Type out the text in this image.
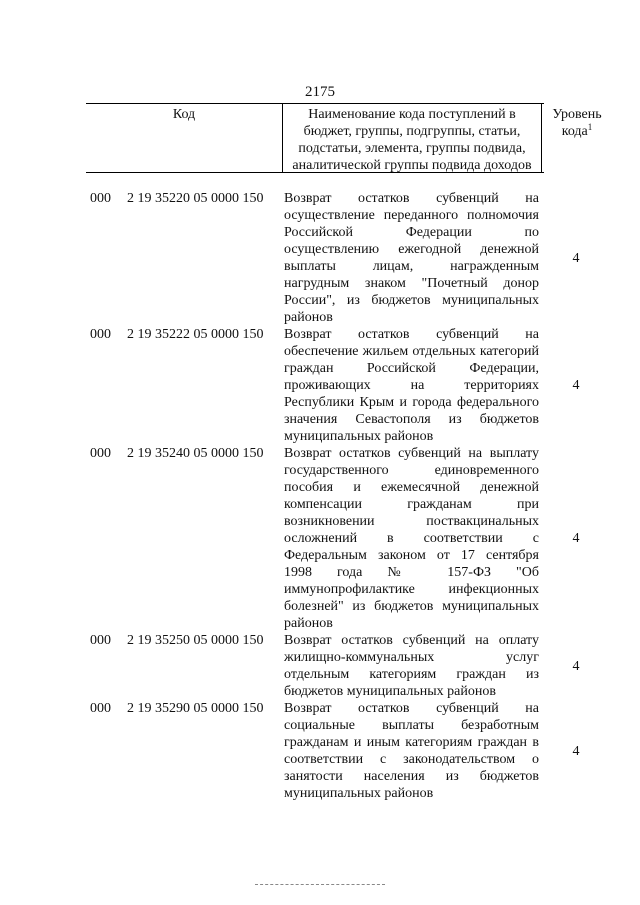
2175
Код	Наименование кода поступлений в бюджет, группы, подгруппы, статьи, подстатьи, элемента, группы подвида, аналитической группы подвида доходов
Уровень кода$^1$
000	2 19 35220 05 0000 150	Возврат остатков субвенций на осуществление переданного полномочия Российской Федерации по осуществлению ежегодной денежной выплаты лицам, награжденным нагрудным знаком "Почетный донор России", из бюджетов муниципальных районов
4
000	2 19 35222 05 0000 150	Возврат остатков субвенций на обеспечение жильем отдельных категорий граждан Российской Федерации, проживающих на территориях Республики Крым и города федерального значения Севастополя из бюджетов муниципальных районов
4
000	2 19 35240 05 0000 150	Возврат остатков субвенций на выплату государственного единовременного пособия и ежемесячной денежной компенсации гражданам при возникновении поствакцинальных осложнений в соответствии с Федеральным законом от 17 сентября 1998 года № 157-ФЗ "Об иммунопрофилактике инфекционных болезней" из бюджетов муниципальных районов
4
000	2 19 35250 05 0000 150	Возврат остатков субвенций на оплату жилищно-коммунальных услуг отдельным категориям граждан из бюджетов муниципальных районов
4
000	2 19 35290 05 0000 150	Возврат остатков субвенций на социальные выплаты безработным гражданам и иным категориям граждан в соответствии с законодательством о занятости населения из бюджетов муниципальных районов
4
